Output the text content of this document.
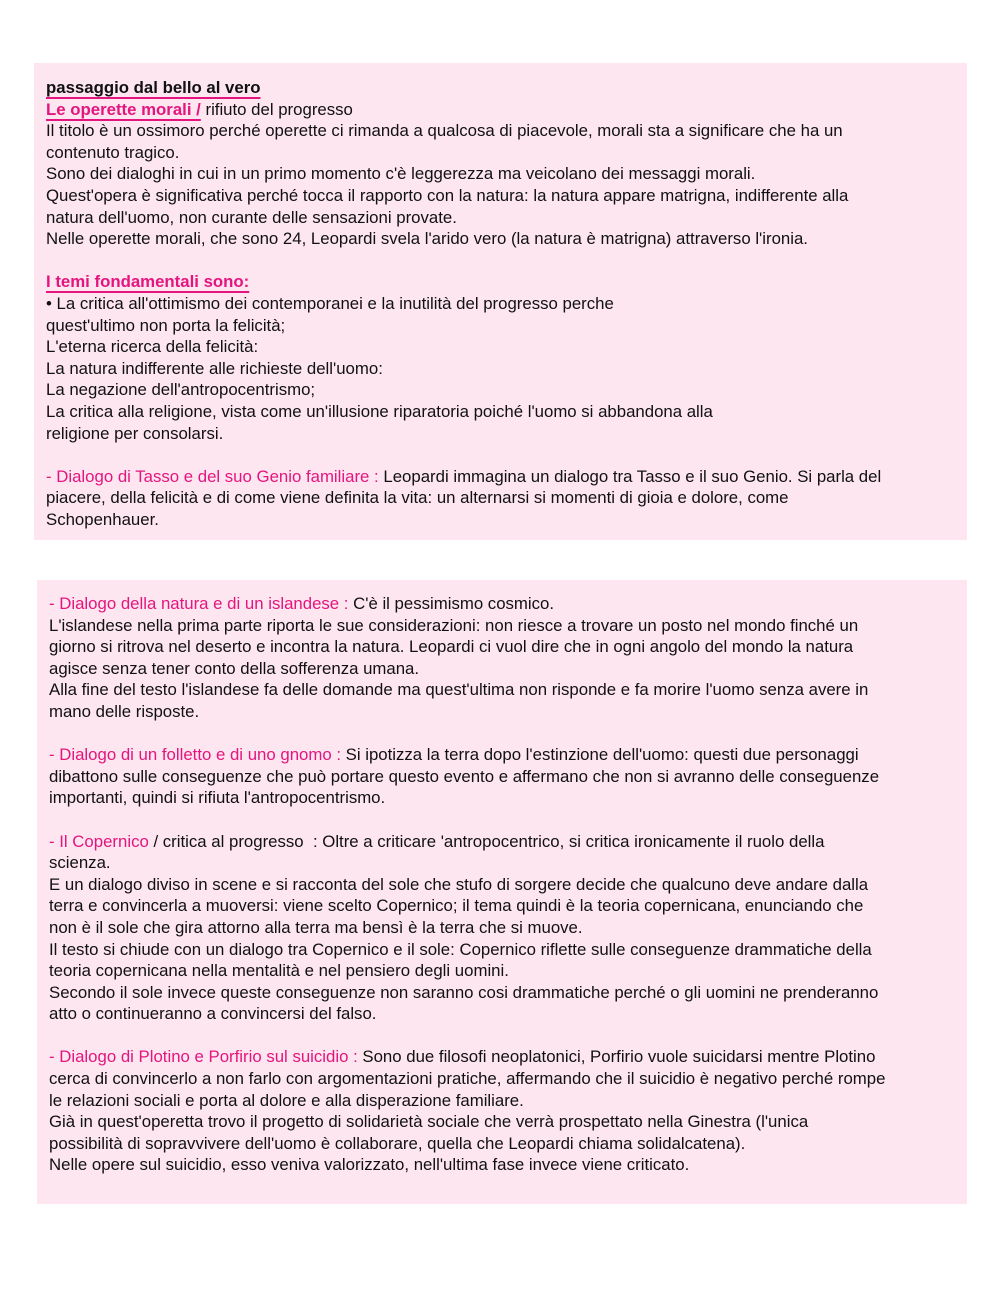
passaggio dal bello al vero

Le operette morali / rifiuto del progresso

Il titolo è un ossimoro perché operette ci rimanda a qualcosa di piacevole, morali sta a significare che ha un

contenuto tragico.

Sono dei dialoghi in cui in un primo momento c'è leggerezza ma veicolano dei messaggi morali.

Quest'opera è significativa perché tocca il rapporto con la natura: la natura appare matrigna, indifferente alla

natura dell'uomo, non curante delle sensazioni provate.

Nelle operette morali, che sono 24, Leopardi svela l'arido vero (la natura è matrigna) attraverso l'ironia.

I temi fondamentali sono:

• La critica all'ottimismo dei contemporanei e la inutilità del progresso perche

quest'ultimo non porta la felicità;

L'eterna ricerca della felicità:

La natura indifferente alle richieste dell'uomo:

La negazione dell'antropocentrismo;

La critica alla religione, vista come un'illusione riparatoria poiché l'uomo si abbandona alla

religione per consolarsi.

- Dialogo di Tasso e del suo Genio familiare : Leopardi immagina un dialogo tra Tasso e il suo Genio. Si parla del

piacere, della felicità e di come viene definita la vita: un alternarsi si momenti di gioia e dolore, come

Schopenhauer.

- Dialogo della natura e di un islandese : C'è il pessimismo cosmico.

L'islandese nella prima parte riporta le sue considerazioni: non riesce a trovare un posto nel mondo finché un

giorno si ritrova nel deserto e incontra la natura. Leopardi ci vuol dire che in ogni angolo del mondo la natura

agisce senza tener conto della sofferenza umana.

Alla fine del testo l'islandese fa delle domande ma quest'ultima non risponde e fa morire l'uomo senza avere in

mano delle risposte.

- Dialogo di un folletto e di uno gnomo : Si ipotizza la terra dopo l'estinzione dell'uomo: questi due personaggi

dibattono sulle conseguenze che può portare questo evento e affermano che non si avranno delle conseguenze

importanti, quindi si rifiuta l'antropocentrismo.

- Il Copernico / critica al progresso  : Oltre a criticare 'antropocentrico, si critica ironicamente il ruolo della

scienza.

E un dialogo diviso in scene e si racconta del sole che stufo di sorgere decide che qualcuno deve andare dalla

terra e convincerla a muoversi: viene scelto Copernico; il tema quindi è la teoria copernicana, enunciando che

non è il sole che gira attorno alla terra ma bensì è la terra che si muove.

Il testo si chiude con un dialogo tra Copernico e il sole: Copernico riflette sulle conseguenze drammatiche della

teoria copernicana nella mentalità e nel pensiero degli uomini.

Secondo il sole invece queste conseguenze non saranno cosi drammatiche perché o gli uomini ne prenderanno

atto o continueranno a convincersi del falso.

- Dialogo di Plotino e Porfirio sul suicidio : Sono due filosofi neoplatonici, Porfirio vuole suicidarsi mentre Plotino

cerca di convincerlo a non farlo con argomentazioni pratiche, affermando che il suicidio è negativo perché rompe

le relazioni sociali e porta al dolore e alla disperazione familiare.

Già in quest'operetta trovo il progetto di solidarietà sociale che verrà prospettato nella Ginestra (l'unica

possibilità di sopravvivere dell'uomo è collaborare, quella che Leopardi chiama solidalcatena).

Nelle opere sul suicidio, esso veniva valorizzato, nell'ultima fase invece viene criticato.
